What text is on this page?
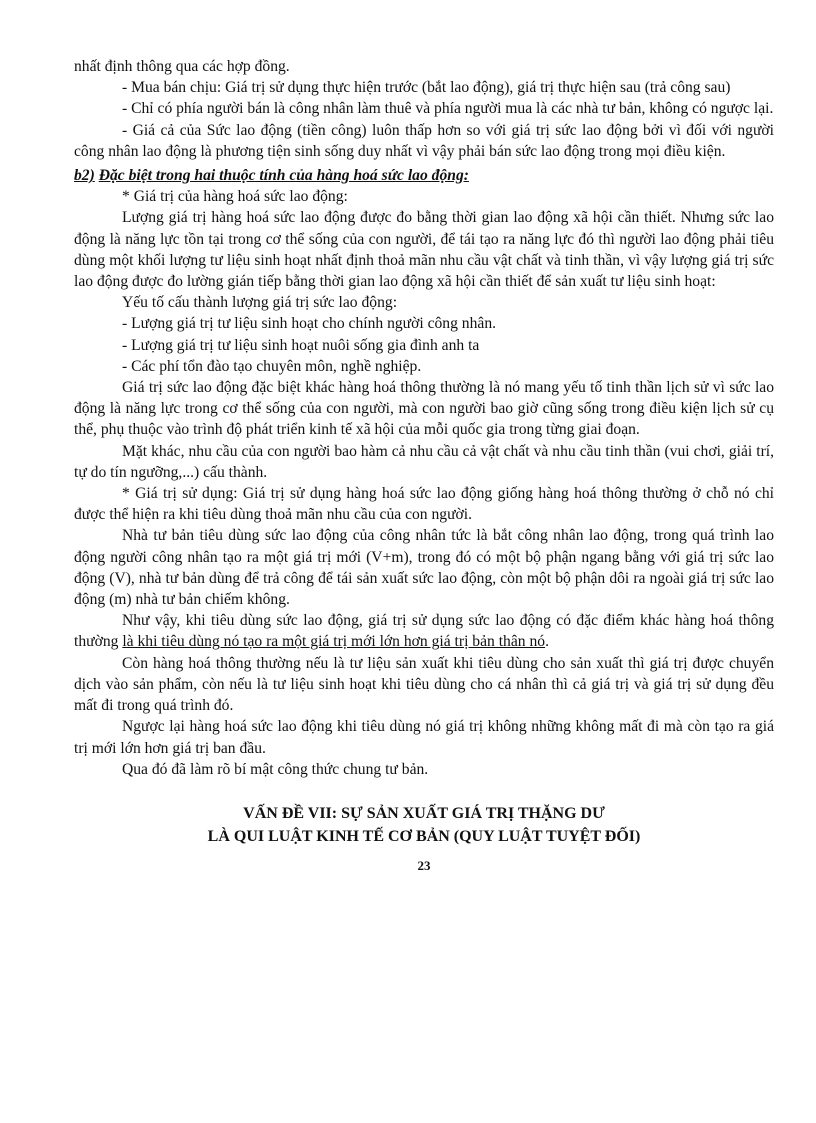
nhất định thông qua các hợp đồng.

- Mua bán chịu: Giá trị sử dụng thực hiện trước (bắt lao động), giá trị thực hiện sau (trả công sau)

- Chỉ có phía người bán là công nhân làm thuê và phía người mua là các nhà tư bản, không có ngược lại.

- Giá cả của Sức lao động (tiền công) luôn thấp hơn so với giá trị sức lao động bởi vì đối với người công nhân lao động là phương tiện sinh sống duy nhất vì vậy phải bán sức lao động trong mọi điều kiện.

b2) Đặc biệt trong hai thuộc tính của hàng hoá sức lao động:

* Giá trị của hàng hoá sức lao động:

Lượng giá trị hàng hoá sức lao động được đo bằng thời gian lao động xã hội cần thiết. Nhưng sức lao động là năng lực tồn tại trong cơ thể sống của con người, để tái tạo ra năng lực đó thì người lao động phải tiêu dùng một khối lượng tư liệu sinh hoạt nhất định thoả mãn nhu cầu vật chất và tinh thần, vì vậy lượng giá trị sức lao động được đo lường gián tiếp bằng thời gian lao động xã hội cần thiết để sản xuất tư liệu sinh hoạt:

Yếu tố cấu thành lượng giá trị sức lao động:

- Lượng giá trị tư liệu sinh hoạt cho chính người công nhân.

- Lượng giá trị tư liệu sinh hoạt nuôi sống gia đình anh ta

- Các phí tổn đào tạo chuyên môn, nghề nghiệp.

Giá trị sức lao động đặc biệt khác hàng hoá thông thường là nó mang yếu tố tinh thần lịch sử vì sức lao động là năng lực trong cơ thể sống của con người, mà con người bao giờ cũng sống trong điều kiện lịch sử cụ thể, phụ thuộc vào trình độ phát triển kinh tế xã hội của mỗi quốc gia trong từng giai đoạn.

Mặt khác, nhu cầu của con người bao hàm cả nhu cầu cả vật chất và nhu cầu tinh thần (vui chơi, giải trí, tự do tín ngưỡng,...) cấu thành.

* Giá trị sử dụng: Giá trị sử dụng hàng hoá sức lao động giống hàng hoá thông thường ở chỗ nó chỉ được thể hiện ra khi tiêu dùng thoả mãn nhu cầu của con người.

Nhà tư bản tiêu dùng sức lao động của công nhân tức là bắt công nhân lao động, trong quá trình lao động người công nhân tạo ra một giá trị mới (V+m), trong đó có một bộ phận ngang bằng với giá trị sức lao động (V), nhà tư bản dùng để trả công để tái sản xuất sức lao động, còn một bộ phận dôi ra ngoài giá trị sức lao động (m) nhà tư bản chiếm không.

Như vậy, khi tiêu dùng sức lao động, giá trị sử dụng sức lao động có đặc điểm khác hàng hoá thông thường là khi tiêu dùng nó tạo ra một giá trị mới lớn hơn giá trị bản thân nó.

Còn hàng hoá thông thường nếu là tư liệu sản xuất khi tiêu dùng cho sản xuất thì giá trị được chuyển dịch vào sản phẩm, còn nếu là tư liệu sinh hoạt khi tiêu dùng cho cá nhân thì cả giá trị và giá trị sử dụng đều mất đi trong quá trình đó.

Ngược lại hàng hoá sức lao động khi tiêu dùng nó giá trị không những không mất đi mà còn tạo ra giá trị mới lớn hơn giá trị ban đầu.

Qua đó đã làm rõ bí mật công thức chung tư bản.

VẤN ĐỀ VII: SỰ SẢN XUẤT GIÁ TRỊ THẶNG DƯ
LÀ QUI LUẬT KINH TẾ CƠ BẢN (QUY LUẬT TUYỆT ĐỐI)
23
